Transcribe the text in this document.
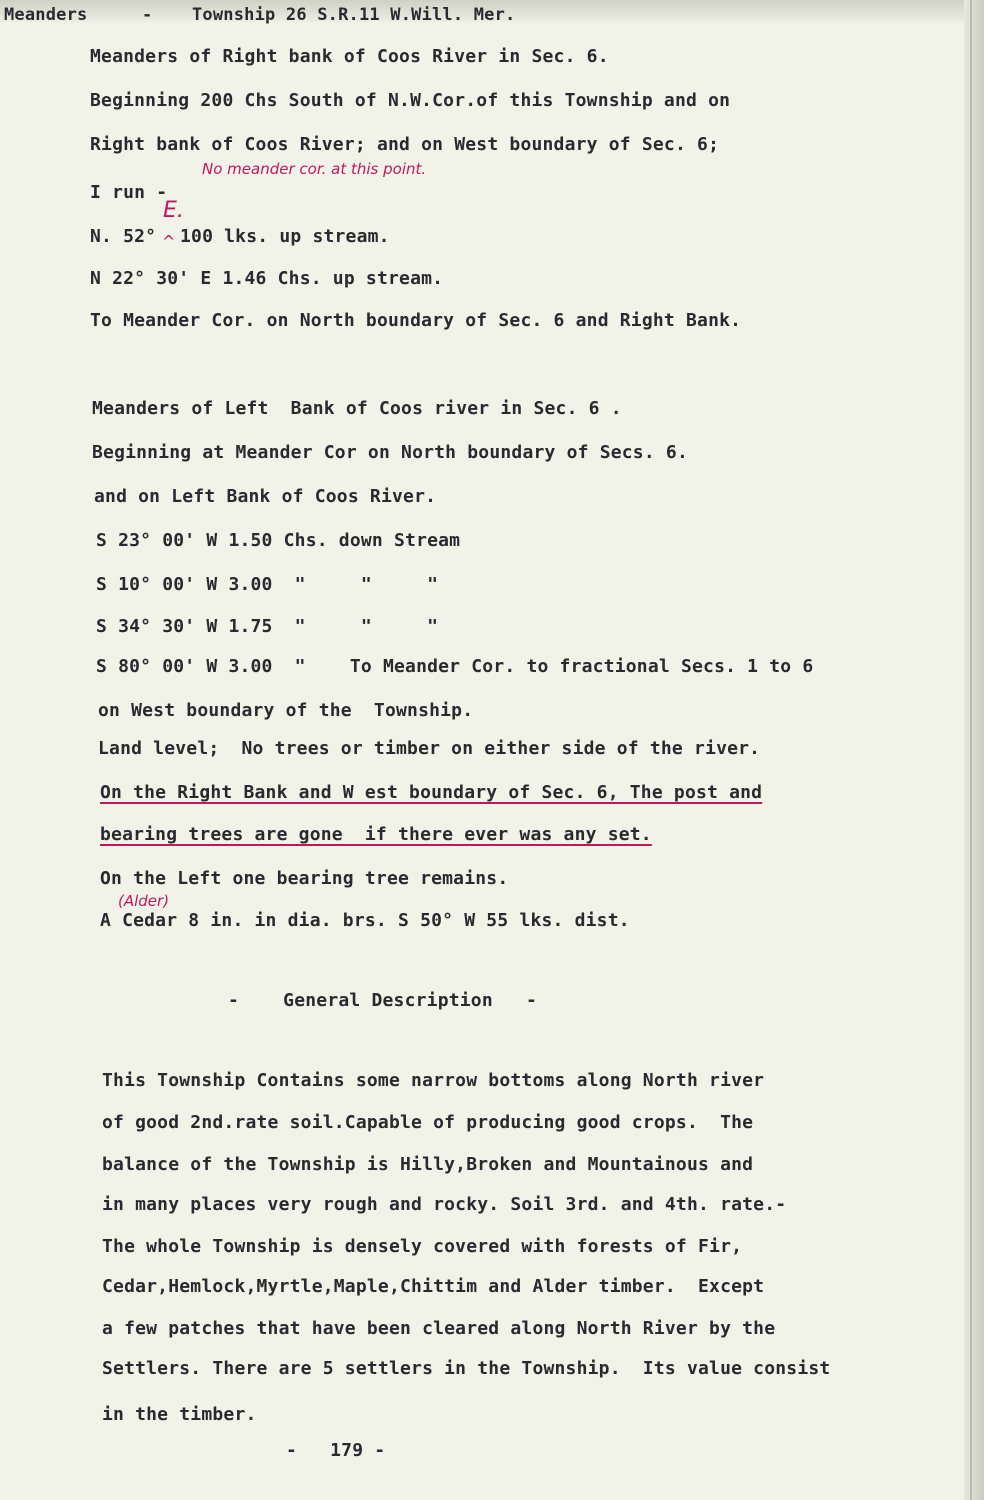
Meanders	- Township 26 S.R.11 W.Will. Mer.
Meanders of Right bank of Coos River in Sec. 6.
Beginning 200 Chs South of N.W.Cor.of this Township and on
Right bank of Coos River; and on West boundary of Sec. 6;
No meander cor. at this point.
I run -
E.
N. 52° ^ 100 lks. up stream.
N 22° 30' E 1.46 Chs. up stream.
To Meander Cor. on North boundary of Sec. 6 and Right Bank.
Meanders of Left  Bank of Coos river in Sec. 6 .
Beginning at Meander Cor on North boundary of Secs. 6.
and on Left Bank of Coos River.
S 23° 00' W 1.50 Chs. down Stream
S 10° 00' W 3.00  "     "     "
S 34° 30' W 1.75  "     "     "
S 80° 00' W 3.00  "    To Meander Cor. to fractional Secs. 1 to 6
on West boundary of the  Township.
Land level;  No trees or timber on either side of the river.
On the Right Bank and W est boundary of Sec. 6, The post and
bearing trees are gone  if there ever was any set.
On the Left one bearing tree remains.
(Alder)
A Cedar 8 in. in dia. brs. S 50° W 55 lks. dist.
-    General Description   -
This Township Contains some narrow bottoms along North river
of good 2nd.rate soil.Capable of producing good crops.  The
balance of the Township is Hilly,Broken and Mountainous and
in many places very rough and rocky. Soil 3rd. and 4th. rate.-
The whole Township is densely covered with forests of Fir,
Cedar,Hemlock,Myrtle,Maple,Chittim and Alder timber.  Except
a few patches that have been cleared along North River by the
Settlers. There are 5 settlers in the Township.  Its value consist
in the timber.
-   179 -
